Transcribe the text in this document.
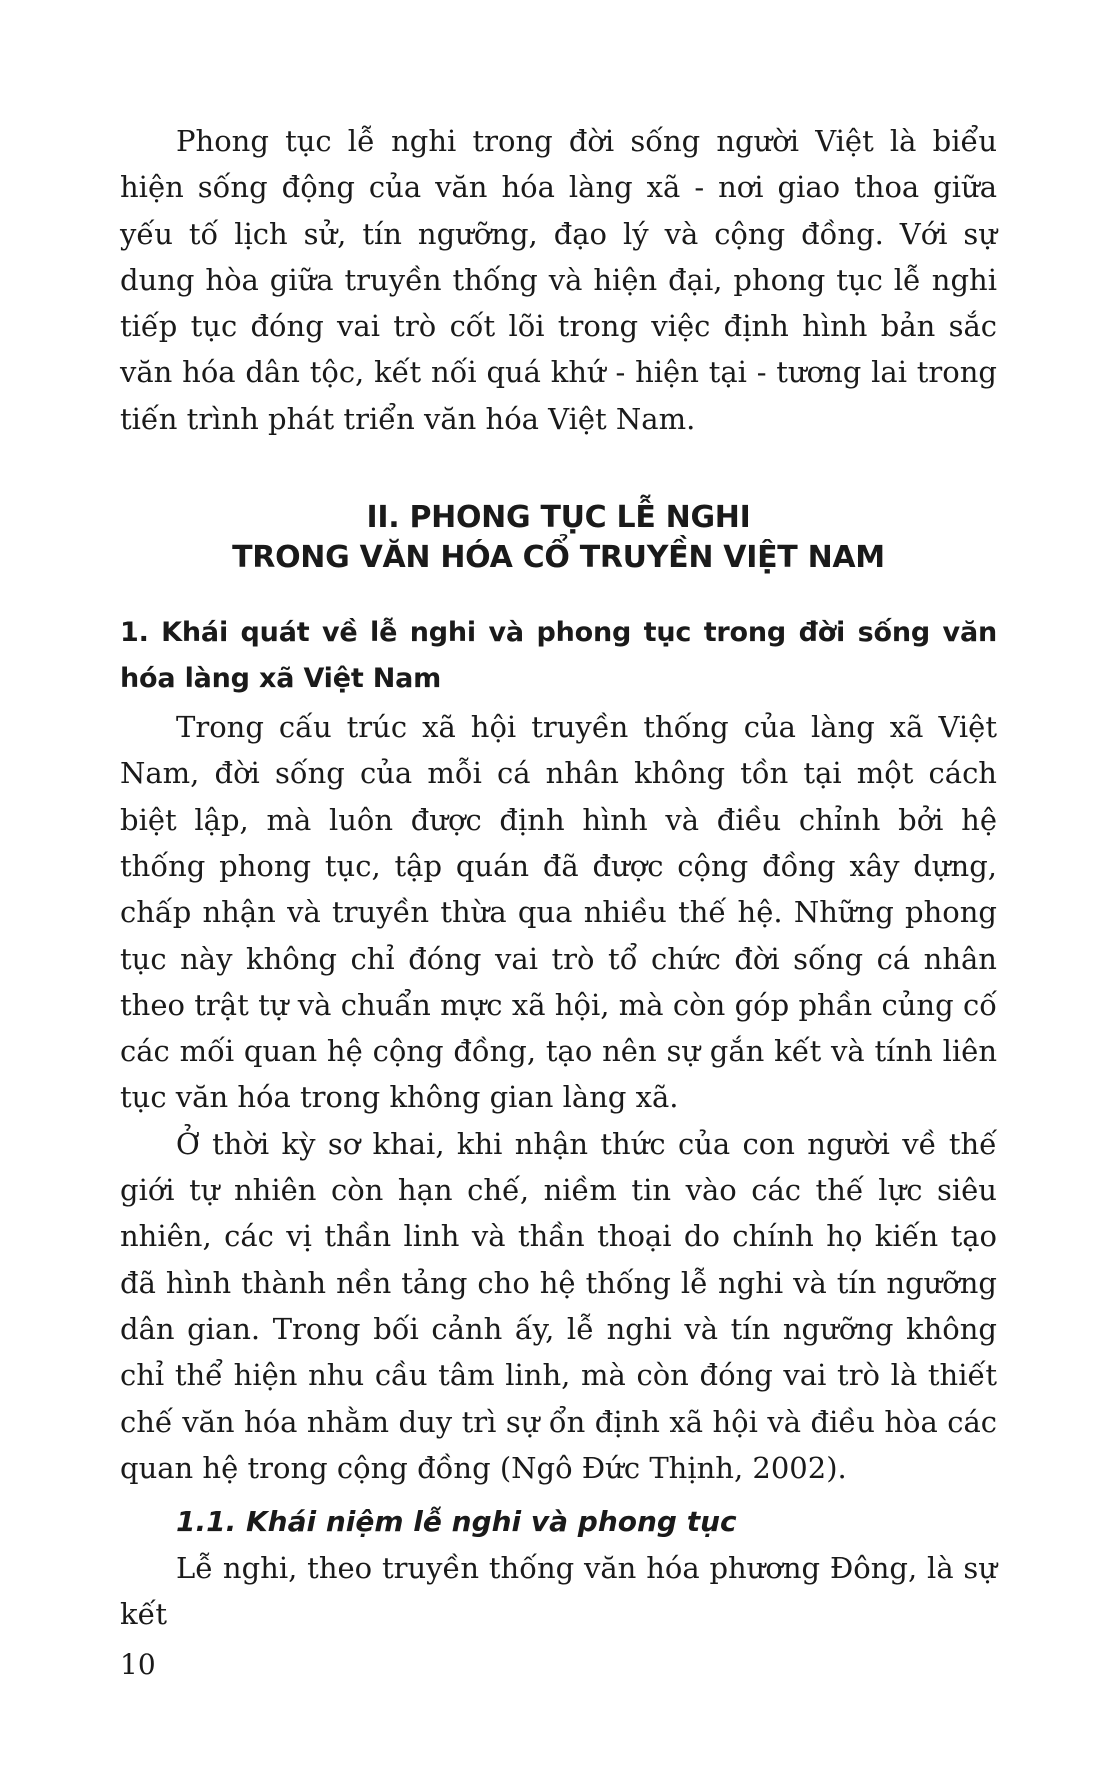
Phong tục lễ nghi trong đời sống người Việt là biểu hiện sống động của văn hóa làng xã - nơi giao thoa giữa yếu tố lịch sử, tín ngưỡng, đạo lý và cộng đồng. Với sự dung hòa giữa truyền thống và hiện đại, phong tục lễ nghi tiếp tục đóng vai trò cốt lõi trong việc định hình bản sắc văn hóa dân tộc, kết nối quá khứ - hiện tại - tương lai trong tiến trình phát triển văn hóa Việt Nam.

II. PHONG TỤC LỄ NGHI
TRONG VĂN HÓA CỔ TRUYỀN VIỆT NAM
1. Khái quát về lễ nghi và phong tục trong đời sống văn hóa làng xã Việt Nam

Trong cấu trúc xã hội truyền thống của làng xã Việt Nam, đời sống của mỗi cá nhân không tồn tại một cách biệt lập, mà luôn được định hình và điều chỉnh bởi hệ thống phong tục, tập quán đã được cộng đồng xây dựng, chấp nhận và truyền thừa qua nhiều thế hệ. Những phong tục này không chỉ đóng vai trò tổ chức đời sống cá nhân theo trật tự và chuẩn mực xã hội, mà còn góp phần củng cố các mối quan hệ cộng đồng, tạo nên sự gắn kết và tính liên tục văn hóa trong không gian làng xã.

Ở thời kỳ sơ khai, khi nhận thức của con người về thế giới tự nhiên còn hạn chế, niềm tin vào các thế lực siêu nhiên, các vị thần linh và thần thoại do chính họ kiến tạo đã hình thành nền tảng cho hệ thống lễ nghi và tín ngưỡng dân gian. Trong bối cảnh ấy, lễ nghi và tín ngưỡng không chỉ thể hiện nhu cầu tâm linh, mà còn đóng vai trò là thiết chế văn hóa nhằm duy trì sự ổn định xã hội và điều hòa các quan hệ trong cộng đồng (Ngô Đức Thịnh, 2002).

1.1. Khái niệm lễ nghi và phong tục

Lễ nghi, theo truyền thống văn hóa phương Đông, là sự kết

10
